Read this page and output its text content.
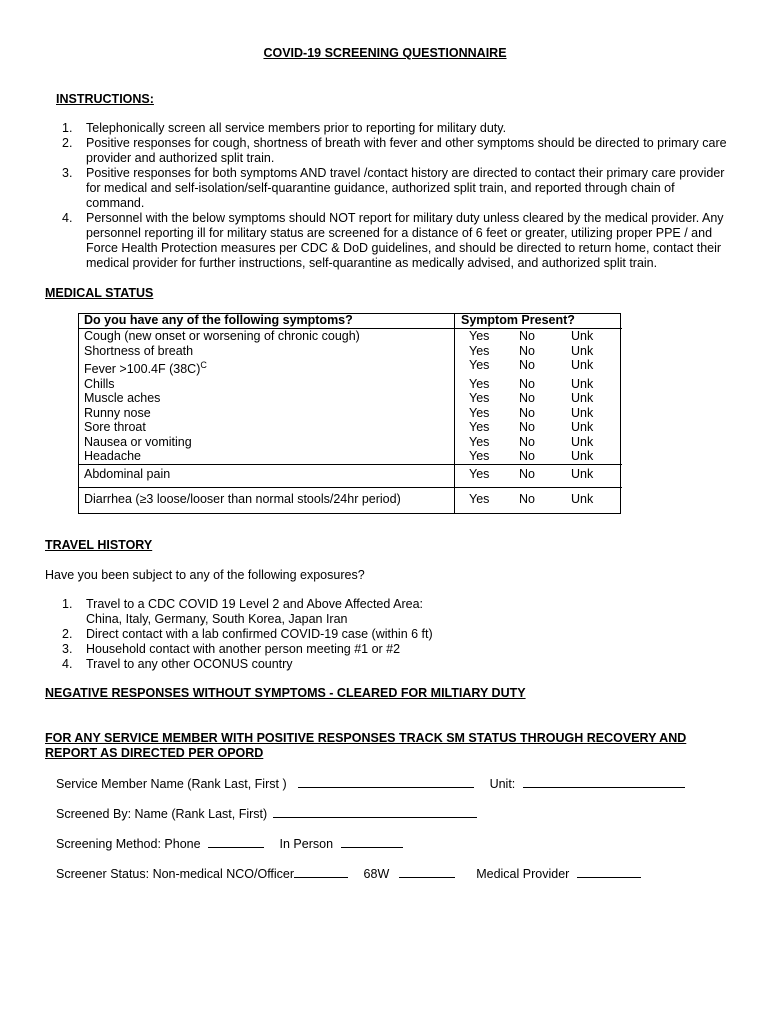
COVID-19 SCREENING QUESTIONNAIRE
INSTRUCTIONS:
1. Telephonically screen all service members prior to reporting for military duty.
2. Positive responses for cough, shortness of breath with fever and other symptoms should be directed to primary care provider and authorized split train.
3. Positive responses for both symptoms AND travel /contact history are directed to contact their primary care provider for medical and self-isolation/self-quarantine guidance, authorized split train, and reported through chain of command.
4. Personnel with the below symptoms should NOT report for military duty unless cleared by the medical provider. Any personnel reporting ill for military status are screened for a distance of 6 feet or greater, utilizing proper PPE / and Force Health Protection measures per CDC & DoD guidelines, and should be directed to return home, contact their medical provider for further instructions, self-quarantine as medically advised, and authorized split train.
MEDICAL STATUS
Do you have any of the following symptoms?	Symptom Present?
Cough (new onset or worsening of chronic cough)	Yes No Unk

Shortness of breath	Yes No Unk

Fever >100.4F $(38C)^C$	Yes No Unk

Chills	Yes No Unk

Muscle aches	Yes No Unk

Runny nose	Yes No Unk

Sore throat	Yes No Unk

Nausea or vomiting	Yes No Unk

Headache	Yes No Unk

Abdominal pain	Yes No Unk

Diarrhea (≥3 loose/looser than normal stools/24hr period)	Yes No Unk
TRAVEL HISTORY
Have you been subject to any of the following exposures?
1. Travel to a CDC COVID 19 Level 2 and Above Affected Area:
China, Italy, Germany, South Korea, Japan Iran
2. Direct contact with a lab confirmed COVID-19 case (within 6 ft)
3. Household contact with another person meeting #1 or #2
4. Travel to any other OCONUS country
NEGATIVE RESPONSES WITHOUT SYMPTOMS - CLEARED FOR MILTIARY DUTY
FOR ANY SERVICE MEMBER WITH POSITIVE RESPONSES TRACK SM STATUS THROUGH RECOVERY AND REPORT AS DIRECTED PER OPORD
Service Member Name (Rank Last, First )	Unit:
Screened By: Name (Rank Last, First)
Screening Method: Phone	In Person
Screener Status: Non-medical NCO/Officer	68W	Medical Provider
